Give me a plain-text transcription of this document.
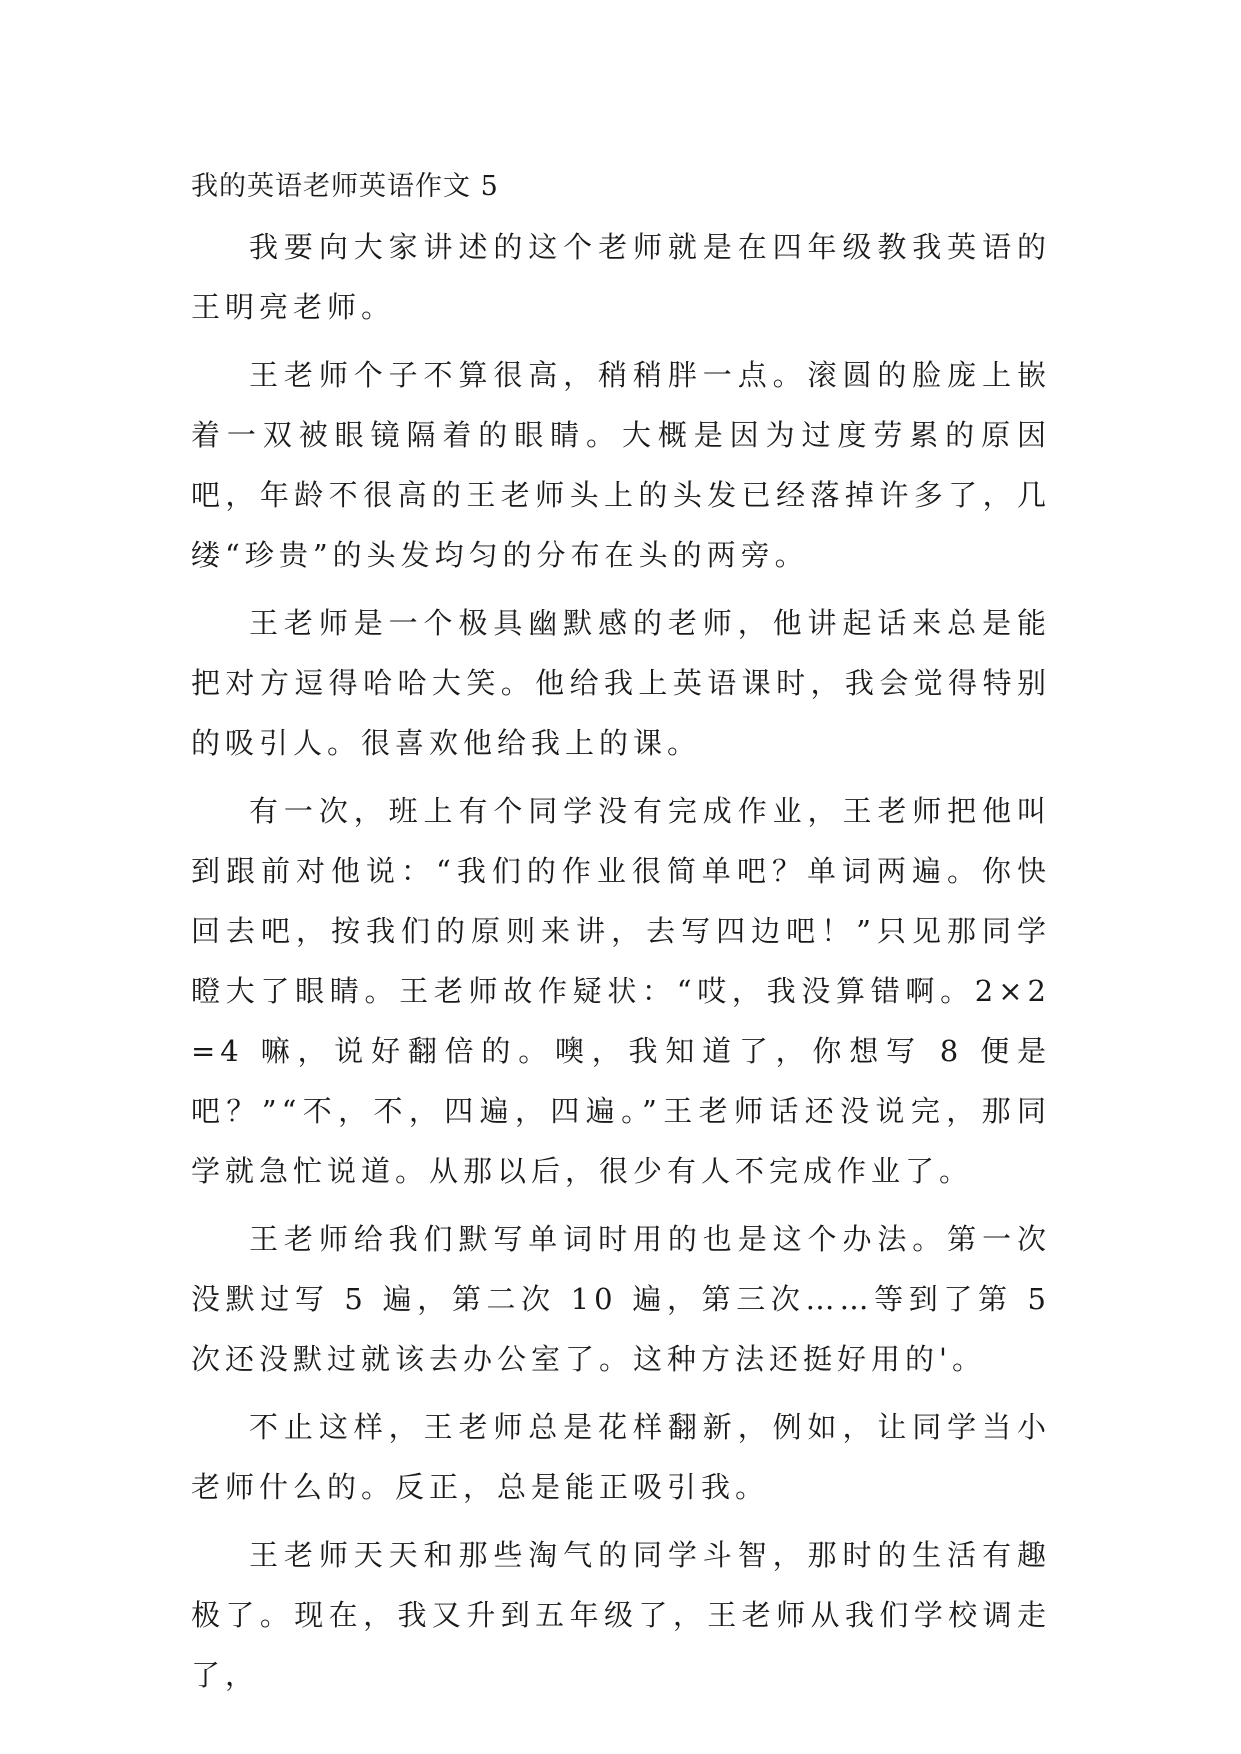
我的英语老师英语作文 5

我要向大家讲述的这个老师就是在四年级教我英语的王明亮老师。

王老师个子不算很高，稍稍胖一点。滚圆的脸庞上嵌着一双被眼镜隔着的眼睛。大概是因为过度劳累的原因吧，年龄不很高的王老师头上的头发已经落掉许多了，几缕“珍贵”的头发均匀的分布在头的两旁。

王老师是一个极具幽默感的老师，他讲起话来总是能把对方逗得哈哈大笑。他给我上英语课时，我会觉得特别的吸引人。很喜欢他给我上的课。

有一次，班上有个同学没有完成作业，王老师把他叫到跟前对他说：“我们的作业很简单吧？单词两遍。你快回去吧，按我们的原则来讲，去写四边吧！”只见那同学瞪大了眼睛。王老师故作疑状：“哎，我没算错啊。2×2=4 嘛，说好翻倍的。噢，我知道了，你想写 8 便是吧？”“不，不，四遍，四遍。”王老师话还没说完，那同学就急忙说道。从那以后，很少有人不完成作业了。

王老师给我们默写单词时用的也是这个办法。第一次没默过写 5 遍，第二次 10 遍，第三次……等到了第 5 次还没默过就该去办公室了。这种方法还挺好用的'。

不止这样，王老师总是花样翻新，例如，让同学当小老师什么的。反正，总是能正吸引我。

王老师天天和那些淘气的同学斗智，那时的生活有趣极了。现在，我又升到五年级了，王老师从我们学校调走了，
